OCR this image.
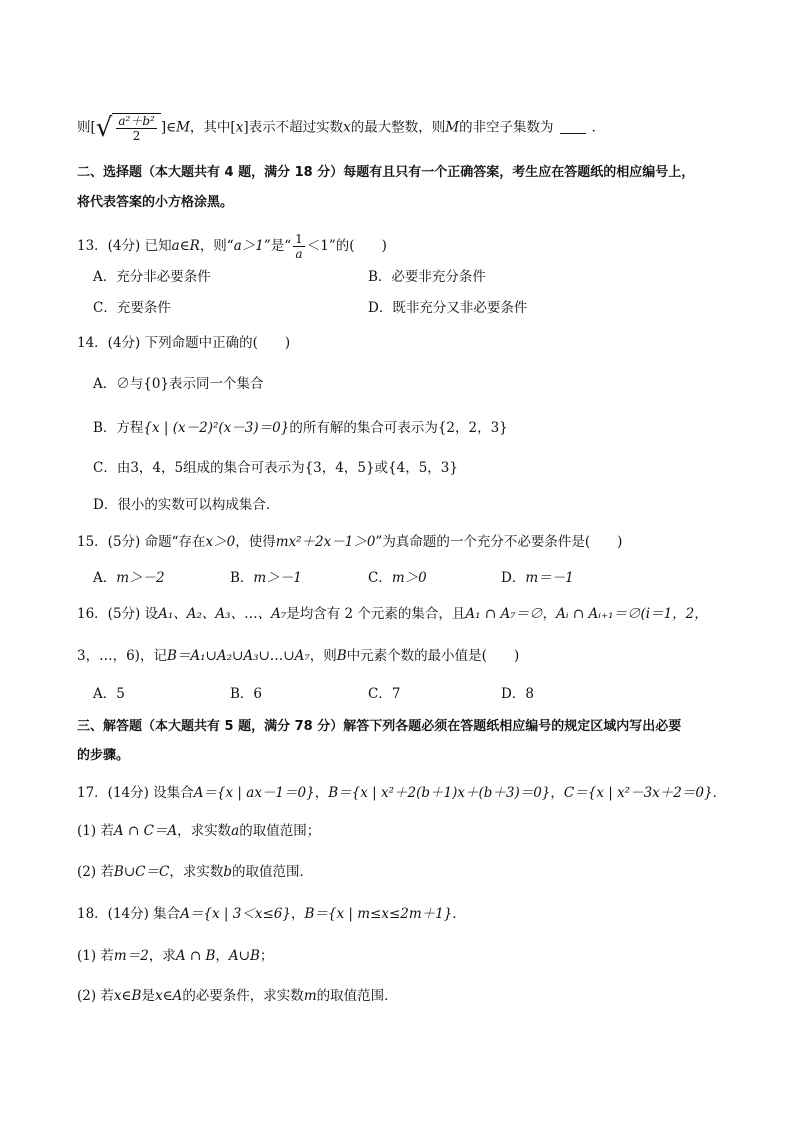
则[ √ $\frac{\text{a²＋b²}}{2}$ ]∈M，其中[x]表示不超过实数x的最大整数，则M的非空子集数为	．
二、选择题（本大题共有 4 题，满分 18 分）每题有且只有一个正确答案，考生应在答题纸的相应编号上，
将代表答案的小方格涂黑。
13．(4分) 已知a∈R，则“a＞1”是“ $\frac{1}{a} <1$”的(　　)
A．充分非必要条件	B．必要非充分条件
C．充要条件	D．既非充分又非必要条件
14．(4分) 下列命题中正确的(　　)
A．∅与{0}表示同一个集合
B．方程{x | (x－2)²(x－3)＝0}的所有解的集合可表示为{2，2，3}
C．由3，4，5组成的集合可表示为{3，4，5}或{4，5，3}
D．很小的实数可以构成集合．
15．(5分) 命题“存在x＞0，使得mx²＋2x－1＞0”为真命题的一个充分不必要条件是(　　)
A．m＞－2	B．m＞－1	C．m＞0	D．m＝－1
16．(5分) 设A₁、A₂、A₃、…、A₇是均含有 2 个元素的集合，且A₁ ∩ A₇＝∅，Aᵢ ∩ Aᵢ₊₁＝∅(i＝1，2，
3，…，6)，记B＝A₁∪A₂∪A₃∪…∪A₇，则B中元素个数的最小值是(　　)
A．5	B．6	C．7	D．8
三、解答题（本大题共有 5 题，满分 78 分）解答下列各题必须在答题纸相应编号的规定区域内写出必要
的步骤。
17．(14分) 设集合A＝{x | ax－1＝0}，B＝{x | x²＋2(b＋1)x＋(b＋3)＝0}，C＝{x | x²－3x＋2＝0}．
(1) 若A ∩ C＝A，求实数a的取值范围；
(2) 若B∪C＝C，求实数b的取值范围．
18．(14分) 集合A＝{x | 3＜x≤6}，B＝{x | m≤x≤2m＋1}．
(1) 若m＝2，求A ∩ B，A∪B；
(2) 若x∈B是x∈A的必要条件，求实数m的取值范围．
